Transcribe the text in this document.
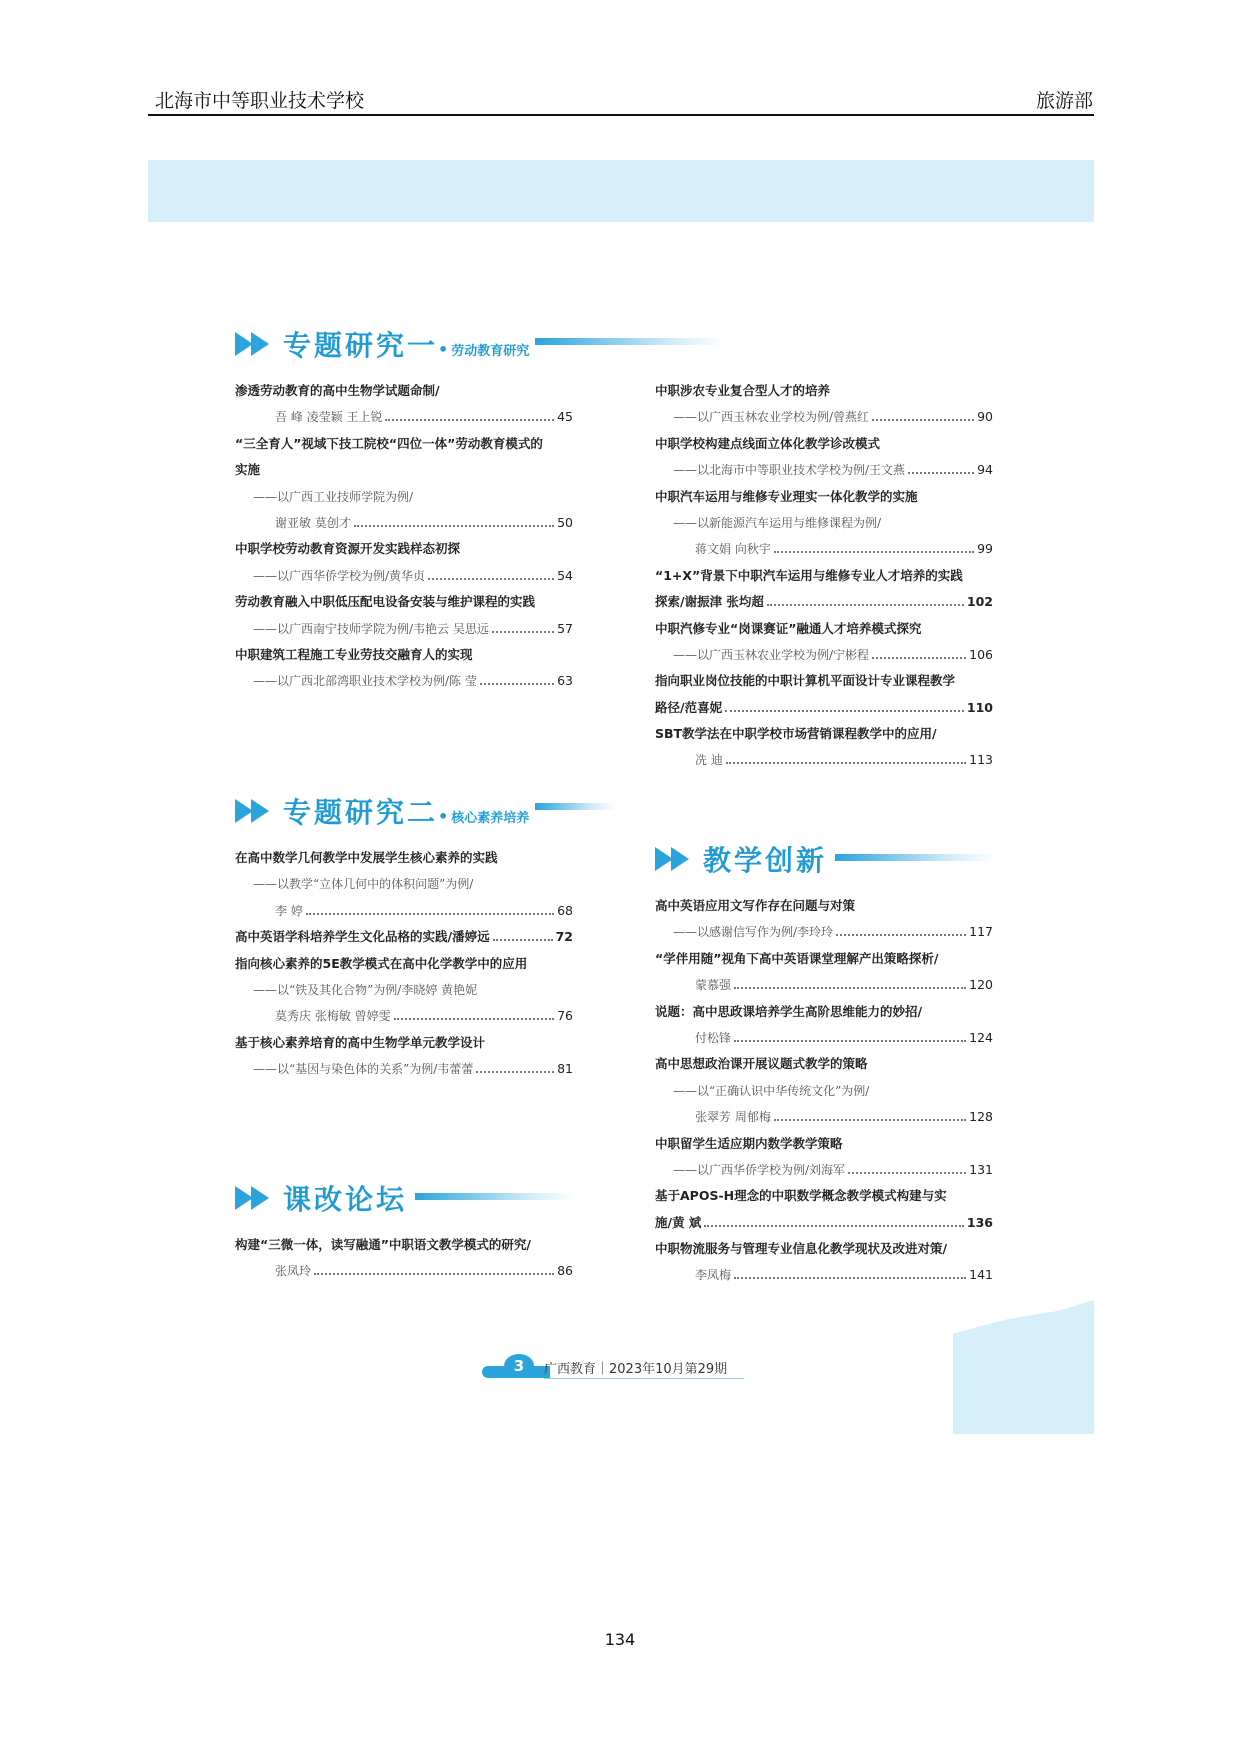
北海市中等职业技术学校	旅游部
专题研究一•劳动教育研究
专题研究二•核心素养培养
课改论坛
教学创新
渗透劳动教育的高中生物学试题命制/
吾 峰 凌莹颖 王上锐	45
“三全育人”视域下技工院校“四位一体”劳动教育模式的
实施
——以广西工业技师学院为例/
谢亚敏 莫创才	50
中职学校劳动教育资源开发实践样态初探
——以广西华侨学校为例/黄华贞	54
劳动教育融入中职低压配电设备安装与维护课程的实践
——以广西南宁技师学院为例/韦艳云 吴思远	57
中职建筑工程施工专业劳技交融育人的实现
——以广西北部湾职业技术学校为例/陈 莹	63
在高中数学几何教学中发展学生核心素养的实践
——以教学“立体几何中的体积问题”为例/
李 婷	68
高中英语学科培养学生文化品格的实践/潘婷远	72
指向核心素养的5E教学模式在高中化学教学中的应用
——以“铁及其化合物”为例/李晓婷 黄艳妮
莫秀庆 张梅敏 曾婷雯	76
基于核心素养培育的高中生物学单元教学设计
——以“基因与染色体的关系”为例/韦蕾蕾	81
构建“三微一体，读写融通”中职语文教学模式的研究/
张凤玲	86
中职涉农专业复合型人才的培养
——以广西玉林农业学校为例/曾燕红	90
中职学校构建点线面立体化教学诊改模式
——以北海市中等职业技术学校为例/王文燕	94
中职汽车运用与维修专业理实一体化教学的实施
——以新能源汽车运用与维修课程为例/
蒋文娟 向秋宇	99
“1+X”背景下中职汽车运用与维修专业人才培养的实践
探索/谢振津 张均超	102
中职汽修专业“岗课赛证”融通人才培养模式探究
——以广西玉林农业学校为例/宁彬程	106
指向职业岗位技能的中职计算机平面设计专业课程教学
路径/范喜妮	110
SBT教学法在中职学校市场营销课程教学中的应用/
冼 迪	113
高中英语应用文写作存在问题与对策
——以感谢信写作为例/李玲玲	117
“学伴用随”视角下高中英语课堂理解产出策略探析/
蒙慕强	120
说题：高中思政课培养学生高阶思维能力的妙招/
付松锋	124
高中思想政治课开展议题式教学的策略
——以“正确认识中华传统文化”为例/
张翠芳 周郁梅	128
中职留学生适应期内数学教学策略
——以广西华侨学校为例/刘海军	131
基于APOS-H理念的中职数学概念教学模式构建与实
施/黄 斌	136
中职物流服务与管理专业信息化教学现状及改进对策/
李凤梅	141
3	广西教育｜2023年10月第29期
134
